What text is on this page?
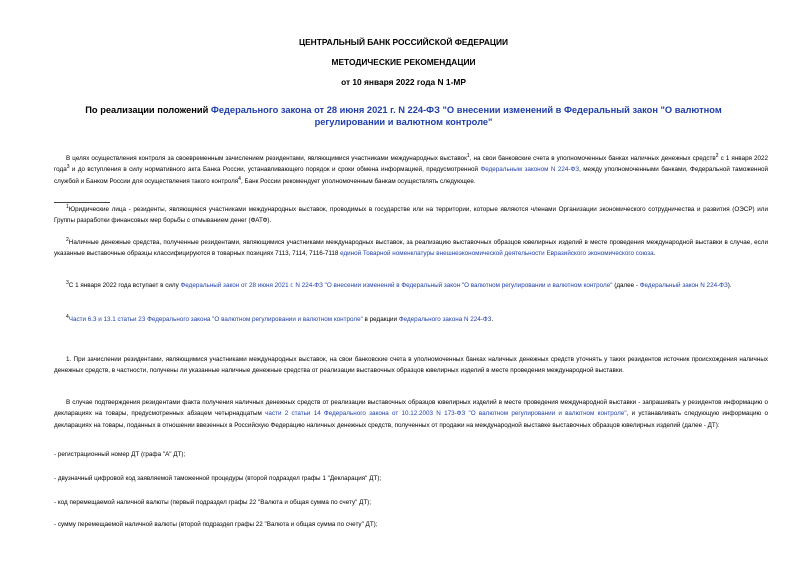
ЦЕНТРАЛЬНЫЙ БАНК РОССИЙСКОЙ ФЕДЕРАЦИИ
МЕТОДИЧЕСКИЕ РЕКОМЕНДАЦИИ
от 10 января 2022 года N 1-МР
По реализации положений Федерального закона от 28 июня 2021 г. N 224-ФЗ "О внесении изменений в Федеральный закон "О валютном регулировании и валютном контроле"
В целях осуществления контроля за своевременным зачислением резидентами, являющимися участниками международных выставок$^1$, на свои банковские счета в уполномоченных банках наличных денежных средств$^2$ с 1 января 2022 года$^3$ и до вступления в силу нормативного акта Банка России, устанавливающего порядок и сроки обмена информацией, предусмотренной Федеральным законом N 224-ФЗ, между уполномоченными банками, Федеральной таможенной службой и Банком России для осуществления такого контроля$^4$, Банк России рекомендует уполномоченным банкам осуществлять следующее.
$^1$Юридические лица - резиденты, являющиеся участниками международных выставок, проводимых в государстве или на территории, которые являются членами Организации экономического сотрудничества и развития (ОЭСР) или Группы разработки финансовых мер борьбы с отмыванием денег (ФАТФ).
$^2$Наличные денежные средства, полученные резидентами, являющимися участниками международных выставок, за реализацию выставочных образцов ювелирных изделий в месте проведения международной выставки в случае, если указанные выставочные образцы классифицируются в товарных позициях 7113, 7114, 7116-7118 единой Товарной номенклатуры внешнеэкономической деятельности Евразийского экономического союза.
$^3$С 1 января 2022 года вступает в силу Федеральный закон от 28 июня 2021 г. N 224-ФЗ "О внесении изменений в Федеральный закон "О валютном регулировании и валютном контроле" (далее - Федеральный закон N 224-ФЗ).
$^4$Части 6.3 и 13.1 статьи 23 Федерального закона "О валютном регулировании и валютном контроле" в редакции Федерального закона N 224-ФЗ.
1. При зачислении резидентами, являющимися участниками международных выставок, на свои банковские счета в уполномоченных банках наличных денежных средств уточнять у таких резидентов источник происхождения наличных денежных средств, в частности, получены ли указанные наличные денежные средства от реализации выставочных образцов ювелирных изделий в месте проведения международной выставки.
В случае подтверждения резидентами факта получения наличных денежных средств от реализации выставочных образцов ювелирных изделий в месте проведения международной выставки - запрашивать у резидентов информацию о декларациях на товары, предусмотренных абзацем четырнадцатым части 2 статьи 14 Федерального закона от 10.12.2003 N 173-ФЗ "О валютном регулировании и валютном контроле", и устанавливать следующую информацию о декларациях на товары, поданных в отношении ввезенных в Российскую Федерацию наличных денежных средств, полученных от продажи на международной выставке выставочных образцов ювелирных изделий (далее - ДТ):
- регистрационный номер ДТ (графа "A" ДТ);
- двузначный цифровой код заявляемой таможенной процедуры (второй подраздел графы 1 "Декларация" ДТ);
- код перемещаемой наличной валюты (первый подраздел графы 22 "Валюта и общая сумма по счету" ДТ);
- сумму перемещаемой наличной валюты (второй подраздел графы 22 "Валюта и общая сумма по счету" ДТ);
